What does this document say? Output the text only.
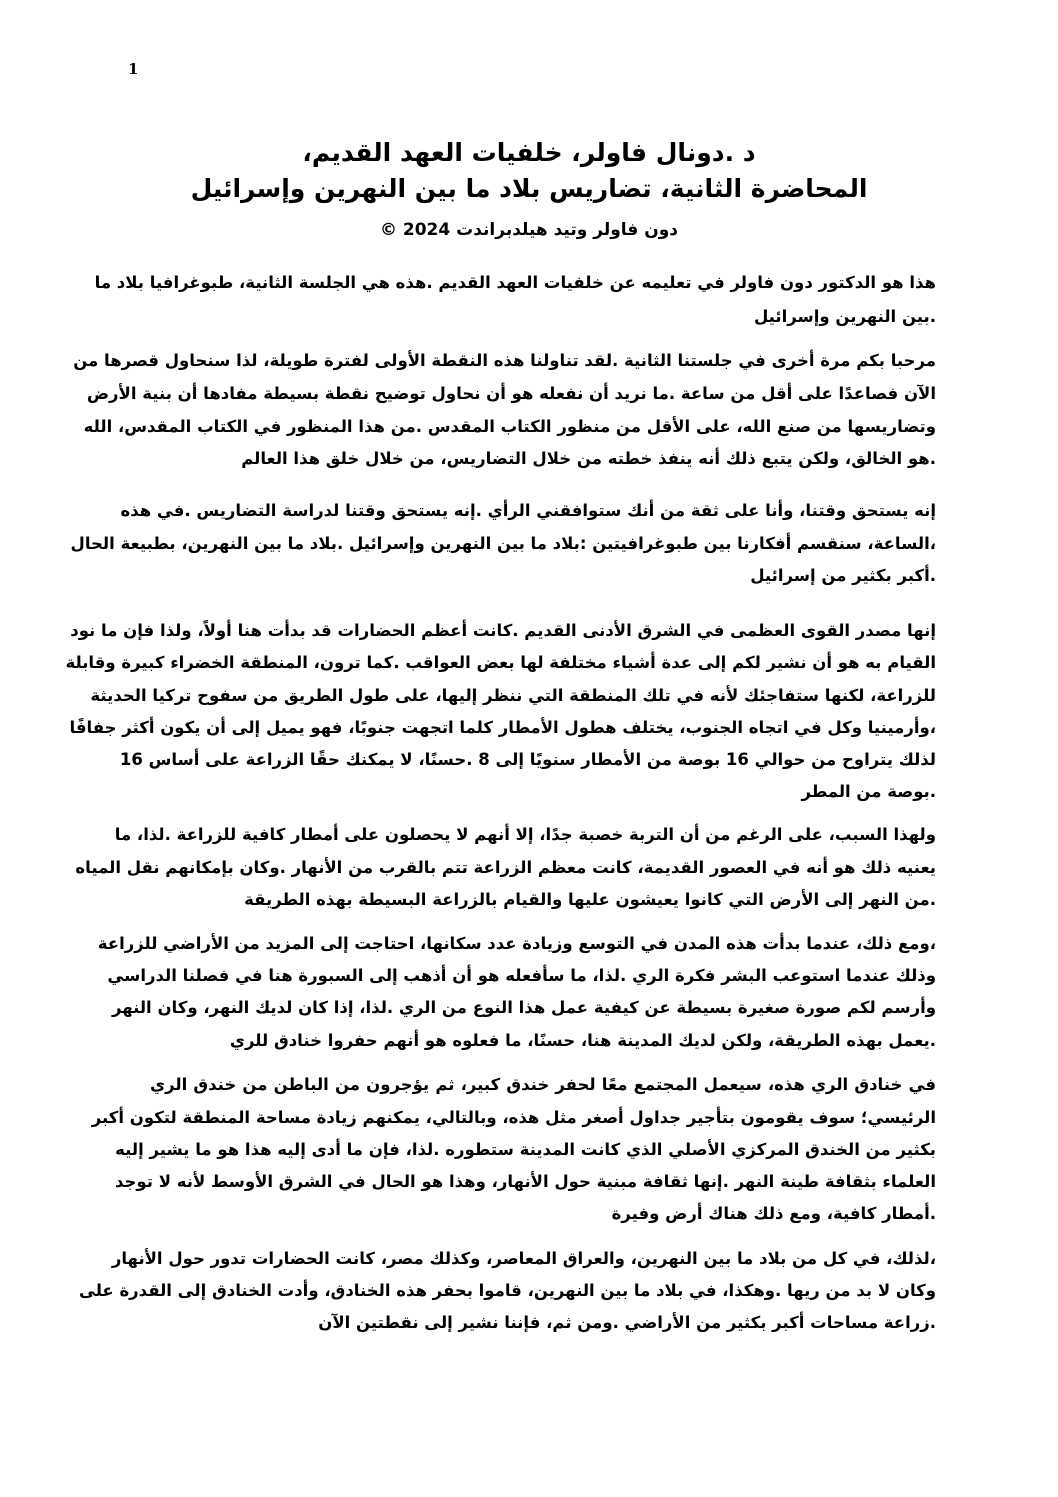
1
د .دونال فاولر، خلفيات العهد القديم،
المحاضرة الثانية، تضاريس بلاد ما بين النهرين وإسرائيل
دون فاولر وتيد هيلدبراندت 2024 ©
هذا هو الدكتور دون فاولر في تعليمه عن خلفيات العهد القديم .هذه هي الجلسة الثانية، طبوغرافيا بلاد ما
.بين النهرين وإسرائيل
مرحبا بكم مرة أخرى في جلستنا الثانية .لقد تناولنا هذه النقطة الأولى لفترة طويلة، لذا سنحاول قصرها من
الآن فصاعدًا على أقل من ساعة .ما نريد أن نفعله هو أن نحاول توضيح نقطة بسيطة مفادها أن بنية الأرض
وتضاريسها من صنع الله، على الأقل من منظور الكتاب المقدس .من هذا المنظور في الكتاب المقدس، الله
.هو الخالق، ولكن يتبع ذلك أنه ينفذ خطته من خلال التضاريس، من خلال خلق هذا العالم
إنه يستحق وقتنا، وأنا على ثقة من أنك ستوافقني الرأي .إنه يستحق وقتنا لدراسة التضاريس .في هذه
،الساعة، سنقسم أفكارنا بين طبوغرافيتين :بلاد ما بين النهرين وإسرائيل .بلاد ما بين النهرين، بطبيعة الحال
.أكبر بكثير من إسرائيل
إنها مصدر القوى العظمى في الشرق الأدنى القديم .كانت أعظم الحضارات قد بدأت هنا أولاً، ولذا فإن ما نود
القيام به هو أن نشير لكم إلى عدة أشياء مختلفة لها بعض العواقب .كما ترون، المنطقة الخضراء كبيرة وقابلة
للزراعة، لكنها ستفاجئك لأنه في تلك المنطقة التي ننظر إليها، على طول الطريق من سفوح تركيا الحديثة
،وأرمينيا وكل في اتجاه الجنوب، يختلف هطول الأمطار كلما اتجهت جنوبًا، فهو يميل إلى أن يكون أكثر جفافًا
لذلك يتراوح من حوالي 16 بوصة من الأمطار سنويًا إلى 8 .حسنًا، لا يمكنك حقًا الزراعة على أساس 16
.بوصة من المطر
ولهذا السبب، على الرغم من أن التربة خصبة جدًا، إلا أنهم لا يحصلون على أمطار كافية للزراعة .لذا، ما
يعنيه ذلك هو أنه في العصور القديمة، كانت معظم الزراعة تتم بالقرب من الأنهار .وكان بإمكانهم نقل المياه
.من النهر إلى الأرض التي كانوا يعيشون عليها والقيام بالزراعة البسيطة بهذه الطريقة
،ومع ذلك، عندما بدأت هذه المدن في التوسع وزيادة عدد سكانها، احتاجت إلى المزيد من الأراضي للزراعة
وذلك عندما استوعب البشر فكرة الري .لذا، ما سأفعله هو أن أذهب إلى السبورة هنا في فصلنا الدراسي
وأرسم لكم صورة صغيرة بسيطة عن كيفية عمل هذا النوع من الري .لذا، إذا كان لديك النهر، وكان النهر
.يعمل بهذه الطريقة، ولكن لديك المدينة هنا، حسنًا، ما فعلوه هو أنهم حفروا خنادق للري
في خنادق الري هذه، سيعمل المجتمع معًا لحفر خندق كبير، ثم يؤجرون من الباطن من خندق الري
الرئيسي؛ سوف يقومون بتأجير جداول أصغر مثل هذه، وبالتالي، يمكنهم زيادة مساحة المنطقة لتكون أكبر
بكثير من الخندق المركزي الأصلي الذي كانت المدينة ستطوره .لذا، فإن ما أدى إليه هذا هو ما يشير إليه
العلماء بثقافة طينة النهر .إنها ثقافة مبنية حول الأنهار، وهذا هو الحال في الشرق الأوسط لأنه لا توجد
.أمطار كافية، ومع ذلك هناك أرض وفيرة
،لذلك، في كل من بلاد ما بين النهرين، والعراق المعاصر، وكذلك مصر، كانت الحضارات تدور حول الأنهار
وكان لا بد من ريها .وهكذا، في بلاد ما بين النهرين، قاموا بحفر هذه الخنادق، وأدت الخنادق إلى القدرة على
.زراعة مساحات أكبر بكثير من الأراضي .ومن ثم، فإننا نشير إلى نقطتين الآن
